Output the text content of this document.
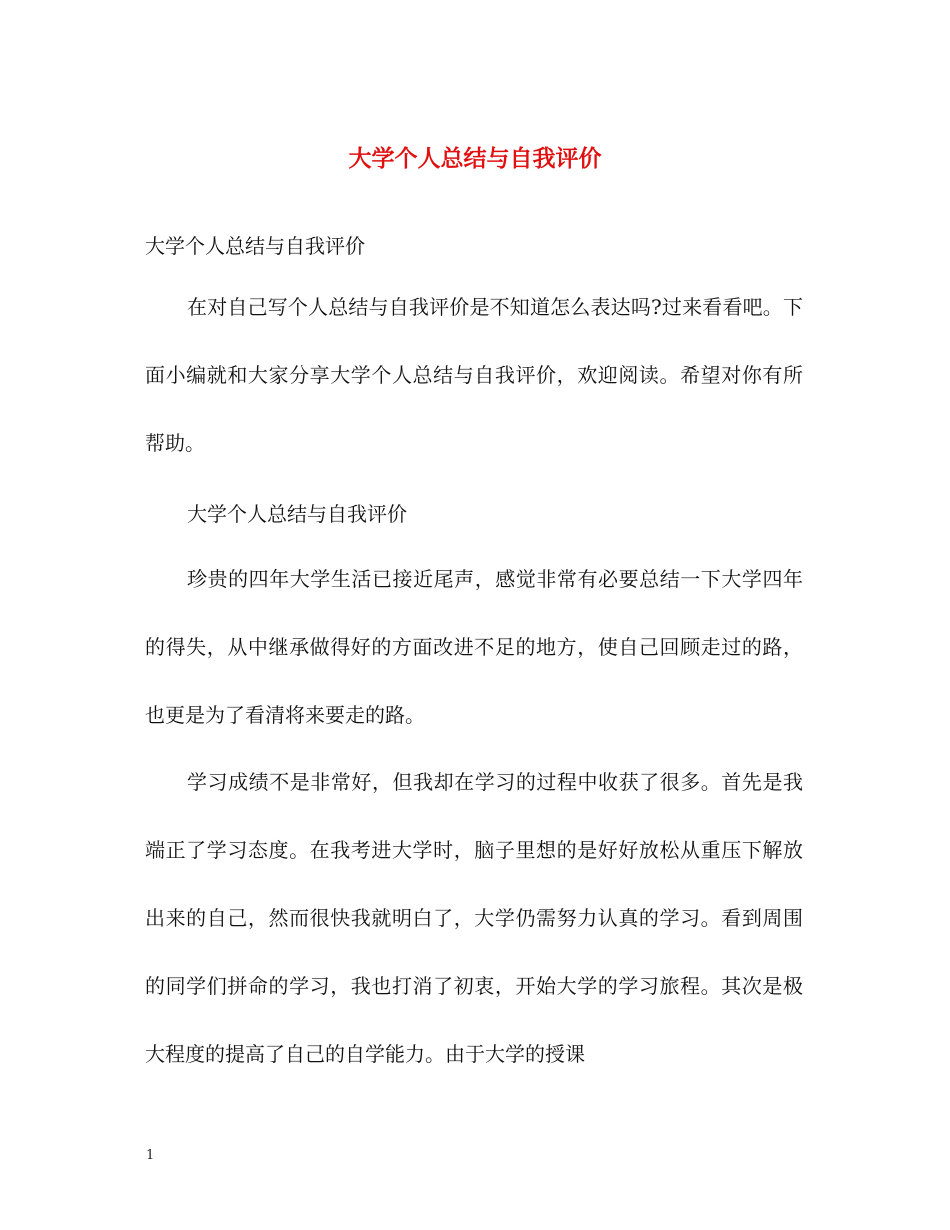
大学个人总结与自我评价

大学个人总结与自我评价

在对自己写个人总结与自我评价是不知道怎么表达吗?过来看看吧。下面小编就和大家分享大学个人总结与自我评价，欢迎阅读。希望对你有所帮助。

大学个人总结与自我评价

珍贵的四年大学生活已接近尾声，感觉非常有必要总结一下大学四年的得失，从中继承做得好的方面改进不足的地方，使自己回顾走过的路，也更是为了看清将来要走的路。

学习成绩不是非常好，但我却在学习的过程中收获了很多。首先是我端正了学习态度。在我考进大学时，脑子里想的是好好放松从重压下解放出来的自己，然而很快我就明白了，大学仍需努力认真的学习。看到周围的同学们拼命的学习，我也打消了初衷，开始大学的学习旅程。其次是极大程度的提高了自己的自学能力。由于大学的授课

1
